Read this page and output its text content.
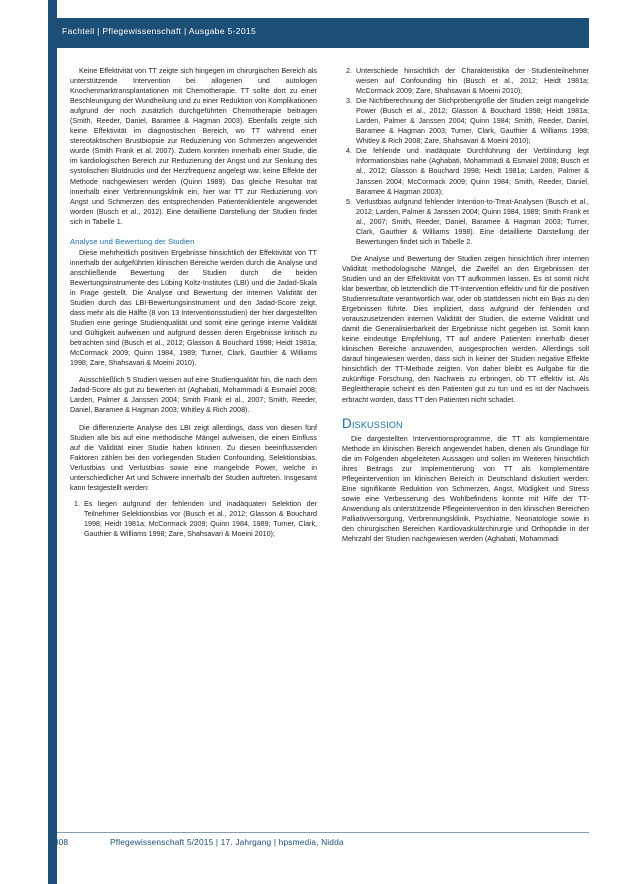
Fachteil | Pflegewissenschaft | Ausgabe 5-2015

Keine Effektivität von TT zeigte sich hingegen im chirurgischen Bereich als unterstützende Intervention bei allogenen und autologen Knochenmarktransplantationen mit Chemotherapie. TT sollte dort zu einer Beschleunigung der Wundheilung und zu einer Reduktion von Komplikationen aufgrund der noch zusätzlich durchgeführten Chemotherapie beitragen (Smith, Reeder, Daniel, Baramee & Hagman 2003). Ebenfalls zeigte sich keine Effektivität im diagnostischen Bereich, wo TT während einer stereotaktischen Brustbiopsie zur Reduzierung von Schmerzen angewendet wurde (Smith Frank et al. 2007). Zudem konnten innerhalb einer Studie, die im kardiologischen Bereich zur Reduzierung der Angst und zur Senkung des systolischen Blutdrucks und der Herzfrequenz angelegt war, keine Effekte der Methode nachgewiesen werden (Quinn 1989). Das gleiche Resultat trat innerhalb einer Verbrennungsklinik ein, hier war TT zur Reduzierung von Angst und Schmerzen des entsprechenden Patientenklientele angewendet worden (Busch et al., 2012). Eine detaillierte Darstellung der Studien findet sich in Tabelle 1.

Analyse und Bewertung der Studien

Diese mehrheitlich positiven Ergebnisse hinsichtlich der Effektivität von TT innerhalb der aufgeführten klinischen Bereiche werden durch die Analyse und anschließende Bewertung der Studien durch die beiden Bewertungsinstrumente des Lübing Koltz-Institutes (LBI) und die Jadad-Skala in Frage gestellt. Die Analyse und Bewertung der internen Validität der Studien durch das LBI-Bewertungsinstrument und den Jadad-Score zeigt, dass mehr als die Hälfte (8 von 13 Interventionsstudien) der hier dargestellten Studien eine geringe Studienqualität und somit eine geringe interne Validität und Gültigkeit aufweisen und aufgrund dessen deren Ergebnisse kritisch zu betrachten sind (Busch et al., 2012; Glasson & Bouchard 1998; Heidt 1981a; McCormack 2009; Quinn 1984, 1989; Turner, Clark, Gauthier & Williams 1998; Zare, Shahsavari & Moeini 2010).

Ausschließlich 5 Studien weisen auf eine Studienqualität hin, die nach dem Jadad-Score als gut zu bewerten ist (Aghabati, Mohammadi & Esmaiel 2008; Larden, Palmer & Janssen 2004; Smith Frank et al., 2007; Smith, Reeder, Daniel, Baramee & Hagman 2003; Whitley & Rich 2008).

Die differenzierte Analyse des LBI zeigt allerdings, dass von diesen fünf Studien alle bis auf eine methodische Mängel aufweisen, die einen Einfluss auf die Validität einer Studie haben können. Zu diesen beeinflussenden Faktoren zählen bei den vorliegenden Studien Confounding, Selektionsbias, Verlustbias und Verlustbias sowie eine mangelnde Power, welche in unterschiedlicher Art und Schwere innerhalb der Studien auftreten. Insgesamt kann festgestellt werden:

1. Es liegen aufgrund der fehlenden und inadäquaten Selektion der Teilnehmer Selektionsbias vor (Busch et al., 2012; Glasson & Bouchard 1998; Heidt 1981a; McCormack 2009; Quinn 1984, 1989; Turner, Clark, Gauthier & Williams 1998; Zare, Shahsavari & Moeini 2010);
2. Unterschiede hinsichtlich der Charakteristika der Studienteilnehmer weisen auf Confounding hin (Busch et al., 2012; Heidt 1981a; McCormack 2009; Zare, Shahsavari & Moeini 2010);
3. Die Nichtberechnung der Stichprobengröße der Studien zeigt mangelnde Power (Busch et al., 2012; Glasson & Bouchard 1998; Heidt 1981a; Larden, Palmer & Janssen 2004; Quinn 1984; Smith, Reeder, Daniel, Baramee & Hagman 2003; Turner, Clark, Gauthier & Williams 1998; Whitley & Rich 2008; Zare, Shahsavari & Moeini 2010);
4. Die fehlende und inadäquate Durchführung der Verblindung legt Informationsbias nahe (Aghabati, Mohammadi & Esmaiel 2008; Busch et al., 2012; Glasson & Bouchard 1998; Heidt 1981a; Larden, Palmer & Janssen 2004; McCormack 2009; Quinn 1984; Smith, Reeder, Daniel, Baramee & Hagman 2003);
5. Verlustbias aufgrund fehlender Intention-to-Treat-Analysen (Busch et al., 2012; Larden, Palmer & Janssen 2004; Quinn 1984, 1989; Smith Frank et al., 2007; Smith, Reeder, Daniel, Baramee & Hagman 2003; Turner, Clark, Gauthier & Williams 1998). Eine detaillierte Darstellung der Bewertungen findet sich in Tabelle 2.

Die Analyse und Bewertung der Studien zeigen hinsichtlich ihrer internen Validität methodologische Mängel, die Zweifel an den Ergebnissen der Studien und an der Effektivität von TT aufkommen lassen. Es ist somit nicht klar bewertbar, ob letztendlich die TT-Intervention effektiv und für die positiven Studienresultate verantwortlich war, oder ob stattdessen nicht ein Bias zu den Ergebnissen führte. Dies impliziert, dass aufgrund der fehlenden und vorauszusetzenden internen Validität der Studien, die externe Validität und damit die Generalisierbarkeit der Ergebnisse nicht gegeben ist. Somit kann keine eindeutige Empfehlung, TT auf andere Patienten innerhalb dieser klinischen Bereiche anzuwenden, ausgesprochen werden. Allerdings soll darauf hingewiesen werden, dass sich in keiner der Studien negative Effekte hinsichtlich der TT-Methode zeigten. Von daher bleibt es Aufgabe für die zukünftige Forschung, den Nachweis zu erbringen, ob TT effektiv ist. Als Begleittherapie scheint es den Patienten gut zu tun und es ist der Nachweis erbracht worden, dass TT den Patienten nicht schadet.

Diskussion

Die dargestellten Interventionsprogramme, die TT als komplementäre Methode im klinischen Bereich angewendet haben, dienen als Grundlage für die im Folgenden abgeleiteten Aussagen und sollen im Weiteren hinsichtlich ihres Beitrags zur Implementierung von TT als komplementäre Pflegeintervention im klinischen Bereich in Deutschland diskutiert werden: Eine signifikante Reduktion von Schmerzen, Angst, Müdigkeit und Stress sowie eine Verbesserung des Wohlbefindens konnte mit Hilfe der TT-Anwendung als unterstützende Pflegeintervention in den klinischen Bereichen Palliativversorgung, Verbrennungsklinik, Psychiatrie, Neonatologie sowie in den chirurgischen Bereichen Kardiovaskulärchirurgie und Orthopädie in der Mehrzahl der Studien nachgewiesen werden (Aghabati, Mohammadi

308	Pflegewissenschaft 5/2015 | 17. Jahrgang | hpsmedia, Nidda
